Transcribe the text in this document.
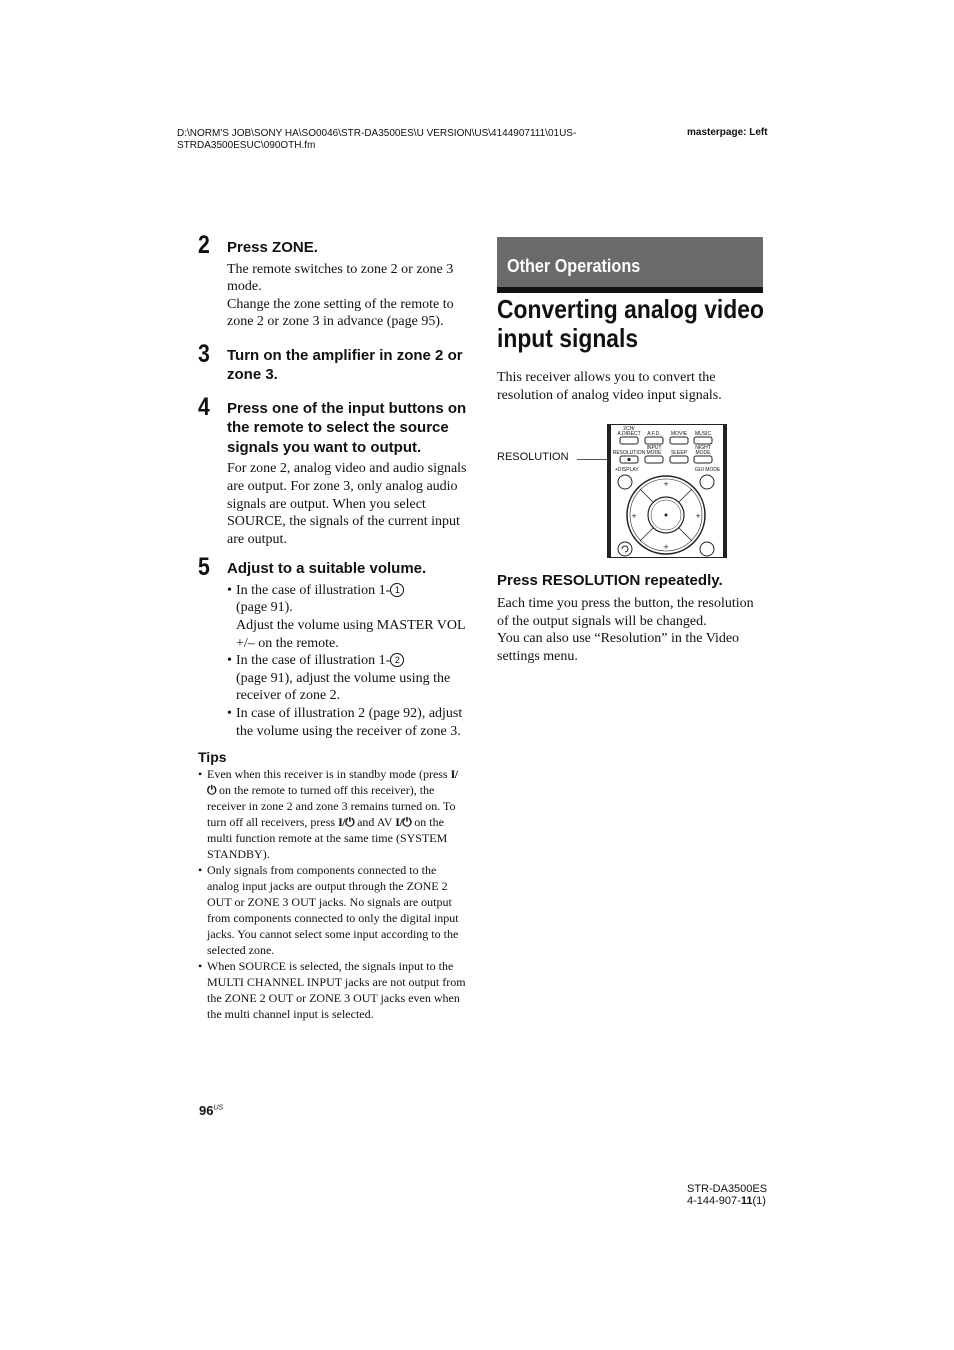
D:\NORM'S JOB\SONY HA\SO0046\STR-DA3500ES\U VERSION\US\4144907111\01US-
STRDA3500ESUC\090OTH.fm
masterpage: Left
2 Press ZONE.
The remote switches to zone 2 or zone 3 mode.
Change the zone setting of the remote to zone 2 or zone 3 in advance (page 95).
3 Turn on the amplifier in zone 2 or zone 3.
4 Press one of the input buttons on the remote to select the source signals you want to output.
For zone 2, analog video and audio signals are output. For zone 3, only analog audio signals are output. When you select SOURCE, the signals of the current input are output.
5 Adjust to a suitable volume.
• In the case of illustration 1- 1
(page 91).
Adjust the volume using MASTER VOL +/– on the remote.
• In the case of illustration 1- 2
(page 91), adjust the volume using the receiver of zone 2.
• In case of illustration 2 (page 92), adjust the volume using the receiver of zone 3.
Tips
• Even when this receiver is in standby mode (press I/⏻ on the remote to turned off this receiver), the receiver in zone 2 and zone 3 remains turned on. To turn off all receivers, press I/⏻ and AV I/⏻ on the multi function remote at the same time (SYSTEM STANDBY).
• Only signals from components connected to the analog input jacks are output through the ZONE 2 OUT or ZONE 3 OUT jacks. No signals are output from components connected to only the digital input jacks. You cannot select some input according to the selected zone.
• When SOURCE is selected, the signals input to the MULTI CHANNEL INPUT jacks are not output from the ZONE 2 OUT or ZONE 3 OUT jacks even when the multi channel input is selected.
Other Operations
Converting analog video
input signals
This receiver allows you to convert the resolution of analog video input signals.
RESOLUTION
2CH/
A.DIRECT A.F.D. MOVIE MUSIC
INPUT	NIGHT
RESOLUTION MODE SLEEP MODE
+DISPLAY	GUI MODE
+
+
+	+
Press RESOLUTION repeatedly.
Each time you press the button, the resolution of the output signals will be changed.
You can also use “Resolution” in the Video settings menu.
$96^{US}$
STR-DA3500ES
4-144-907-11(1)
